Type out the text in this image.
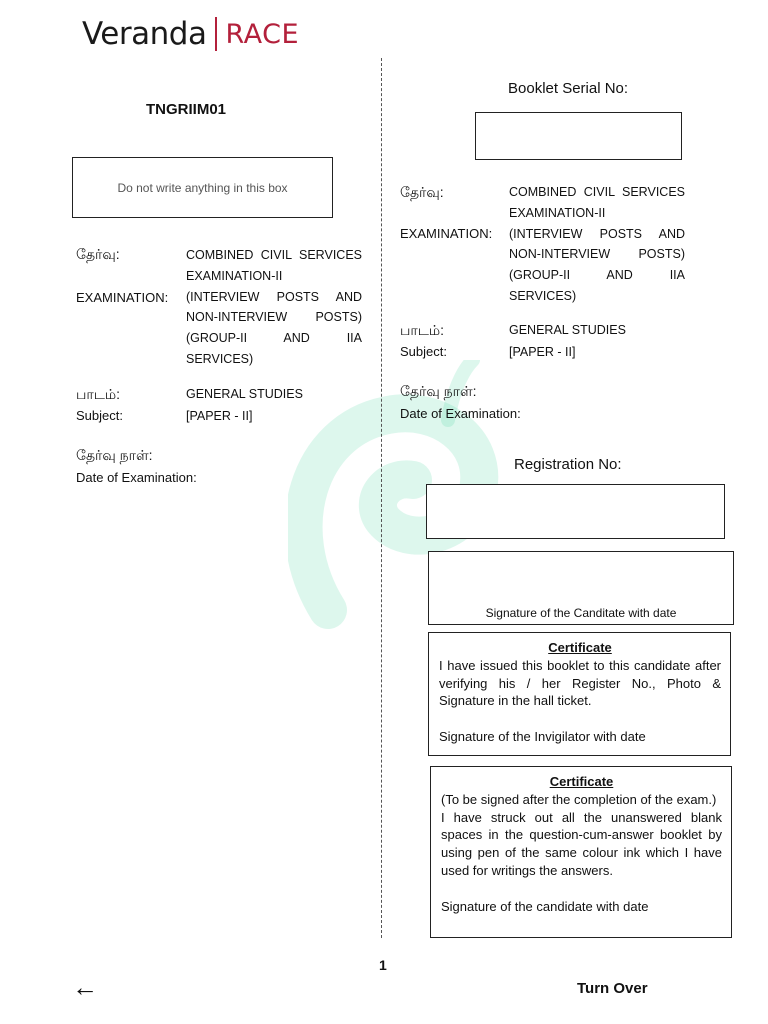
Veranda RACE
TNGRIIM01
Do not write anything in this box
தேர்வு:
EXAMINATION:
COMBINED CIVIL SERVICES
EXAMINATION-II
(INTERVIEW POSTS AND
NON-INTERVIEW POSTS)
(GROUP-II AND IIA
SERVICES)
பாடம்:
Subject:
GENERAL STUDIES
[PAPER - II]
தேர்வு நாள்:
Date of Examination:
Booklet Serial No:
தேர்வு:
EXAMINATION:
COMBINED CIVIL SERVICES
EXAMINATION-II
(INTERVIEW POSTS AND
NON-INTERVIEW POSTS)
(GROUP-II AND IIA
SERVICES)
பாடம்:
Subject:
GENERAL STUDIES
[PAPER - II]
தேர்வு நாள்:
Date of Examination:
Registration No:
Signature of the Canditate with date

Certificate

I have issued this booklet to this candidate after verifying his / her Register No., Photo & Signature in the hall ticket.

Signature of the Invigilator with date

Certificate

(To be signed after the completion of the exam.)

I have struck out all the unanswered blank spaces in the question-cum-answer booklet by using pen of the same colour ink which I have used for writings the answers.

Signature of the candidate with date

1
←	Turn Over
